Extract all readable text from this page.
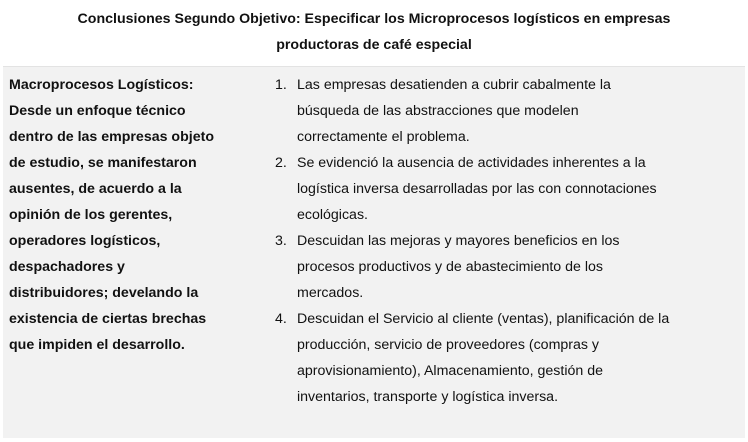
Conclusiones Segundo Objetivo: Especificar los Microprocesos logísticos en empresas
productoras de café especial
Macroprocesos Logísticos:
Desde un enfoque técnico
dentro de las empresas objeto
de estudio, se manifestaron
ausentes, de acuerdo a la
opinión de los gerentes,
operadores logísticos,
despachadores y
distribuidores; develando la
existencia de ciertas brechas
que impiden el desarrollo.
1. Las empresas desatienden a cubrir cabalmente la
búsqueda de las abstracciones que modelen
correctamente el problema.
2. Se evidenció la ausencia de actividades inherentes a la
logística inversa desarrolladas por las con connotaciones
ecológicas.
3. Descuidan las mejoras y mayores beneficios en los
procesos productivos y de abastecimiento de los
mercados.
4. Descuidan el Servicio al cliente (ventas), planificación de la
producción, servicio de proveedores (compras y
aprovisionamiento), Almacenamiento, gestión de
inventarios, transporte y logística inversa.
